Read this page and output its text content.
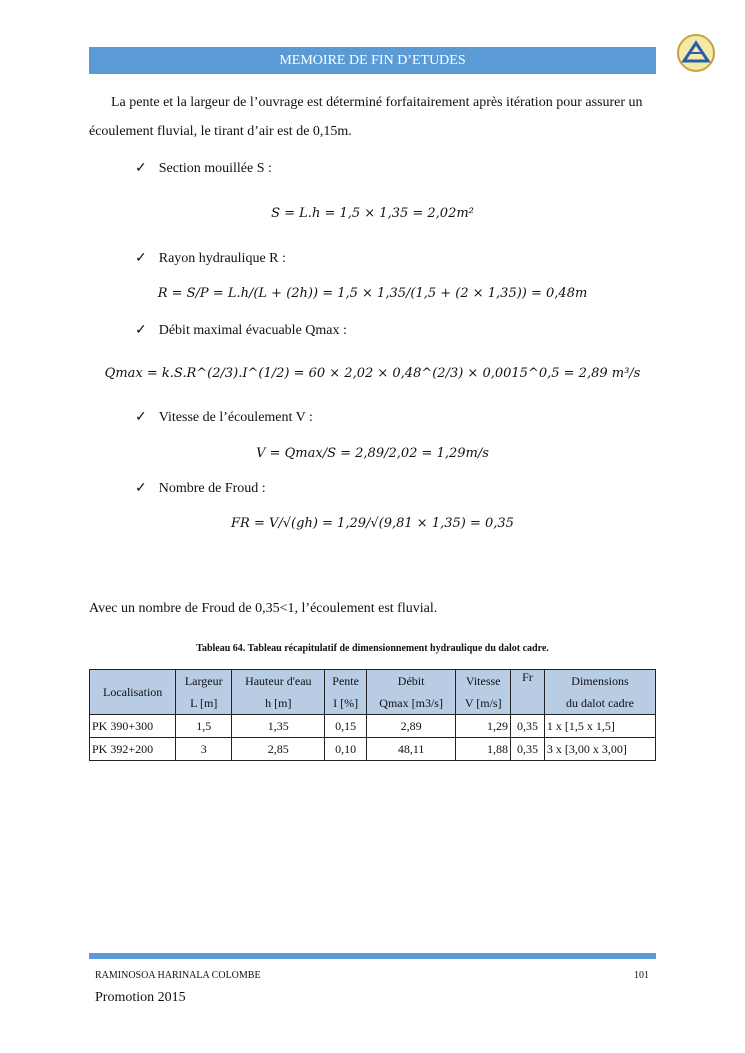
MEMOIRE DE FIN D’ETUDES
La pente et la largeur de l’ouvrage est déterminé forfaitairement après itération pour assurer un écoulement fluvial, le tirant d’air est de 0,15m.
✓ Section mouillée S :
S = L.h = 1,5 × 1,35 = 2,02m²
✓ Rayon hydraulique R :
R = S/P = L.h/(L + (2h)) = 1,5 × 1,35/(1,5 + (2 × 1,35)) = 0,48m
✓ Débit maximal évacuable Qmax :
Qmax = k.S.R^(2/3).I^(1/2) = 60 × 2,02 × 0,48^(2/3) × 0,0015^0,5 = 2,89 m³/s
✓ Vitesse de l’écoulement V :
V = Qmax/S = 2,89/2,02 = 1,29m/s
✓ Nombre de Froud :
FR = V/√(gh) = 1,29/√(9,81 × 1,35) = 0,35
Avec un nombre de Froud de 0,35<1, l’écoulement est fluvial.
Tableau 64. Tableau récapitulatif de dimensionnement hydraulique du dalot cadre.
Localisation	Largeur	Hauteur d'eau	Pente	Débit	Vitesse	Fr	Dimensions
	L [m]	h [m]	I [%]	Qmax [m3/s]	V [m/s]		du dalot cadre
PK 390+300	1,5	1,35	0,15	2,89	1,29	0,35	1 x [1,5 x 1,5]
PK 392+200	3	2,85	0,10	48,11	1,88	0,35	3 x [3,00 x 3,00]
RAMINOSOA HARINALA COLOMBE	101
Promotion 2015
